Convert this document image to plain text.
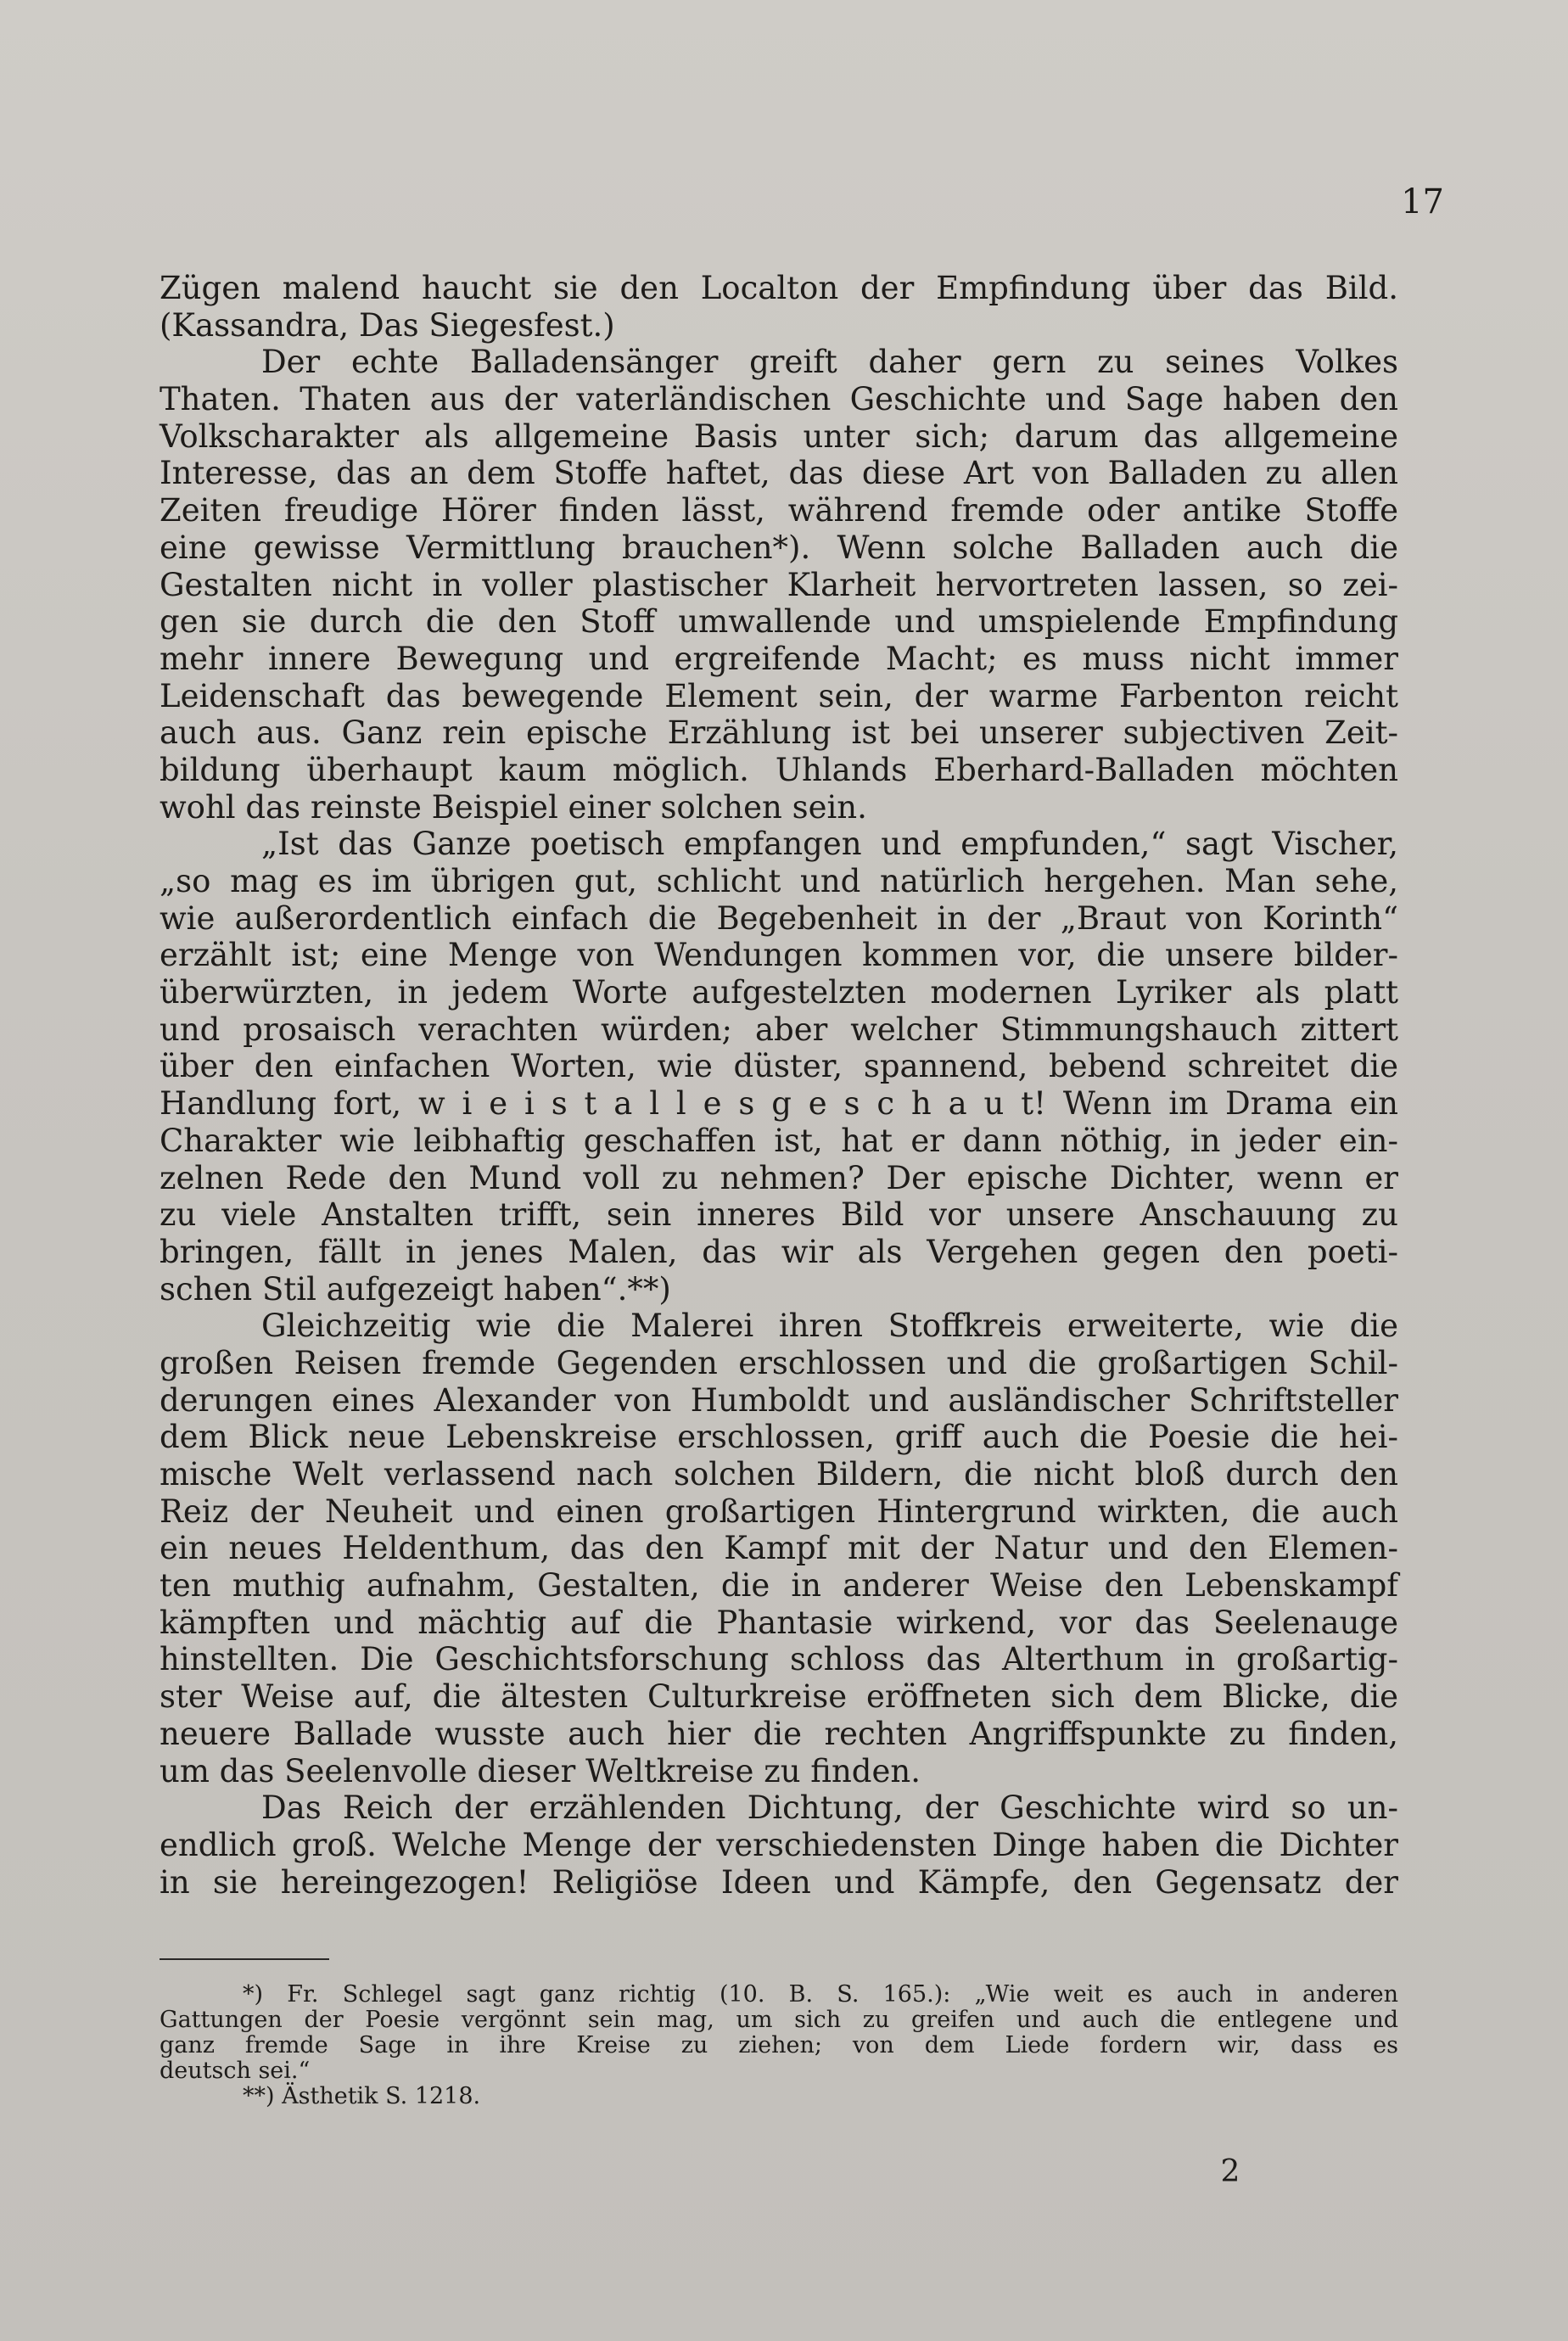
17
Zügen malend haucht sie den Localton der Empfindung über das Bild.
(Kassandra, Das Siegesfest.)
Der echte Balladensänger greift daher gern zu seines Volkes
Thaten. Thaten aus der vaterländischen Geschichte und Sage haben den
Volkscharakter als allgemeine Basis unter sich; darum das allgemeine
Interesse, das an dem Stoffe haftet, das diese Art von Balladen zu allen
Zeiten freudige Hörer finden lässt, während fremde oder antike Stoffe
eine gewisse Vermittlung brauchen*). Wenn solche Balladen auch die
Gestalten nicht in voller plastischer Klarheit hervortreten lassen, so zei-
gen sie durch die den Stoff umwallende und umspielende Empfindung
mehr innere Bewegung und ergreifende Macht; es muss nicht immer
Leidenschaft das bewegende Element sein, der warme Farbenton reicht
auch aus. Ganz rein epische Erzählung ist bei unserer subjectiven Zeit-
bildung überhaupt kaum möglich. Uhlands Eberhard-Balladen möchten
wohl das reinste Beispiel einer solchen sein.
„Ist das Ganze poetisch empfangen und empfunden,“ sagt Vischer,
„so mag es im übrigen gut, schlicht und natürlich hergehen. Man sehe,
wie außerordentlich einfach die Begebenheit in der „Braut von Korinth“
erzählt ist; eine Menge von Wendungen kommen vor, die unsere bilder-
überwürzten, in jedem Worte aufgestelzten modernen Lyriker als platt
und prosaisch verachten würden; aber welcher Stimmungshauch zittert
über den einfachen Worten, wie düster, spannend, bebend schreitet die
Handlung fort, w i e i s t a l l e s g e s c h a u t! Wenn im Drama ein
Charakter wie leibhaftig geschaffen ist, hat er dann nöthig, in jeder ein-
zelnen Rede den Mund voll zu nehmen? Der epische Dichter, wenn er
zu viele Anstalten trifft, sein inneres Bild vor unsere Anschauung zu
bringen, fällt in jenes Malen, das wir als Vergehen gegen den poeti-
schen Stil aufgezeigt haben“.**)
Gleichzeitig wie die Malerei ihren Stoffkreis erweiterte, wie die
großen Reisen fremde Gegenden erschlossen und die großartigen Schil-
derungen eines Alexander von Humboldt und ausländischer Schriftsteller
dem Blick neue Lebenskreise erschlossen, griff auch die Poesie die hei-
mische Welt verlassend nach solchen Bildern, die nicht bloß durch den
Reiz der Neuheit und einen großartigen Hintergrund wirkten, die auch
ein neues Heldenthum, das den Kampf mit der Natur und den Elemen-
ten muthig aufnahm, Gestalten, die in anderer Weise den Lebenskampf
kämpften und mächtig auf die Phantasie wirkend, vor das Seelenauge
hinstellten. Die Geschichtsforschung schloss das Alterthum in großartig-
ster Weise auf, die ältesten Culturkreise eröffneten sich dem Blicke, die
neuere Ballade wusste auch hier die rechten Angriffspunkte zu finden,
um das Seelenvolle dieser Weltkreise zu finden.
Das Reich der erzählenden Dichtung, der Geschichte wird so un-
endlich groß. Welche Menge der verschiedensten Dinge haben die Dichter
in sie hereingezogen! Religiöse Ideen und Kämpfe, den Gegensatz der
*) Fr. Schlegel sagt ganz richtig (10. B. S. 165.): „Wie weit es auch in anderen
Gattungen der Poesie vergönnt sein mag, um sich zu greifen und auch die entlegene und
ganz fremde Sage in ihre Kreise zu ziehen; von dem Liede fordern wir, dass es
deutsch sei.“
**) Ästhetik S. 1218.
2
